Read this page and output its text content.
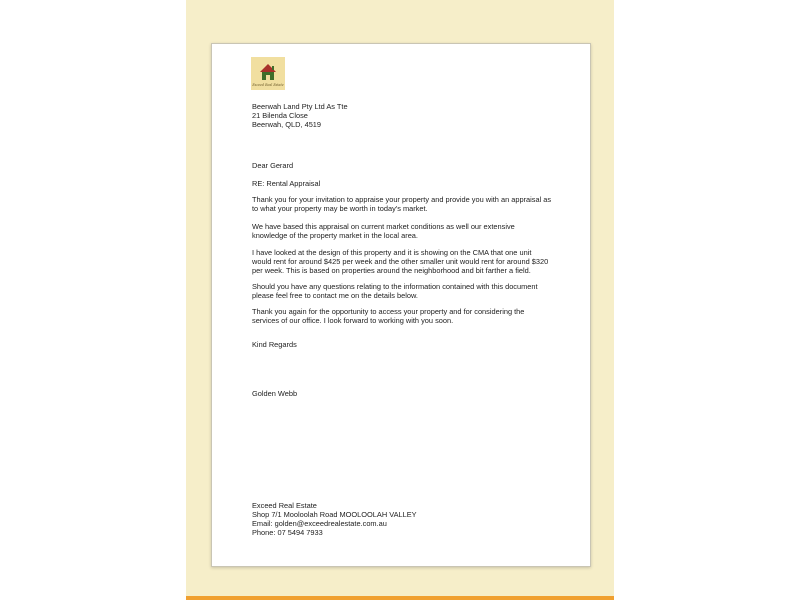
Exceed Real Estate
Beerwah Land Pty Ltd As Tte
21 Bilenda Close
Beerwah, QLD, 4519
Dear Gerard
RE: Rental Appraisal
Thank you for your invitation to appraise your property and provide you with an appraisal as
to what your property may be worth in today's market.
We have based this appraisal on current market conditions as well our extensive
knowledge of the property market in the local area.
I have looked at the design of this property and it is showing on the CMA that one unit
would rent for around $425 per week and the other smaller unit would rent for around $320
per week. This is based on properties around the neighborhood and bit farther a field.
Should you have any questions relating to the information contained with this document
please feel free to contact me on the details below.
Thank you again for the opportunity to access your property and for considering the
services of our office. I look forward to working with you soon.
Kind Regards
Golden Webb
Exceed Real Estate
Shop 7/1 Mooloolah Road MOOLOOLAH VALLEY
Email: golden@exceedrealestate.com.au
Phone: 07 5494 7933
